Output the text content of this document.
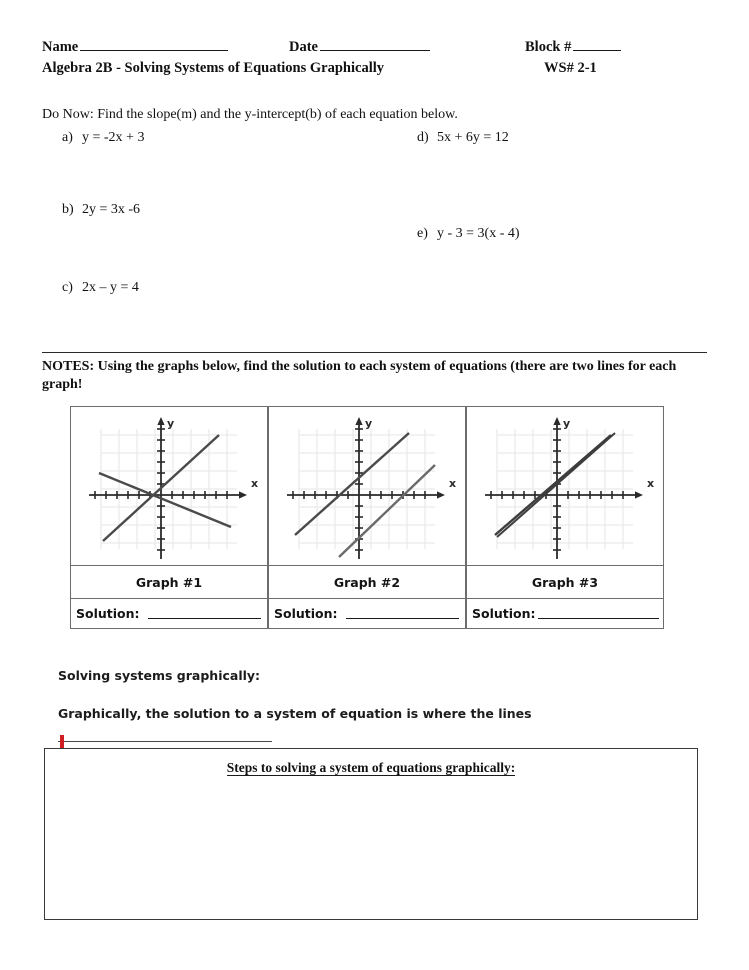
Name	Date	Block #
Algebra 2B - Solving Systems of Equations Graphically	WS# 2-1
Do Now: Find the slope(m) and the y-intercept(b) of each equation below.
a) y = -2x + 3
b) 2y = 3x -6
c) 2x – y = 4
d) 5x + 6y = 12
e) y - 3 = 3(x - 4)
NOTES: Using the graphs below, find the solution to each system of equations (there are two lines for each graph!
x
y
Graph #1
Solution:
x
y
Graph #2
Solution:
x
y
Graph #3
Solution:
Solving systems graphically:
Graphically, the solution to a system of equation is where the lines
Steps to solving a system of equations graphically:
